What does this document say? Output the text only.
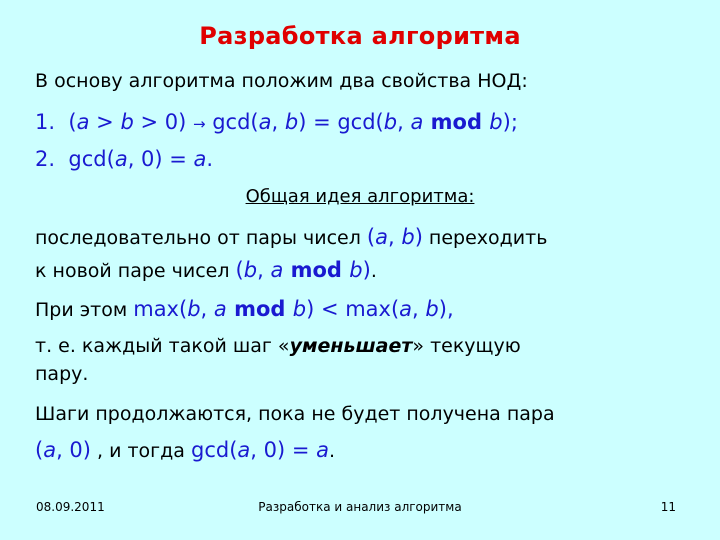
Разработка алгоритма
В основу алгоритма положим два свойства НОД:
1. (a > b > 0) → gcd(a, b) = gcd(b, a mod b);
2. gcd(a, 0) = a.
Общая идея алгоритма:
последовательно от пары чисел (a, b) переходить
к новой паре чисел (b, a mod b).
При этом max(b, a mod b) < max(a, b),
т. е. каждый такой шаг «уменьшает» текущую
пару.
Шаги продолжаются, пока не будет получена пара
(a, 0) , и тогда gcd(a, 0) = a.
08.09.2011	Разработка и анализ алгоритма	11
